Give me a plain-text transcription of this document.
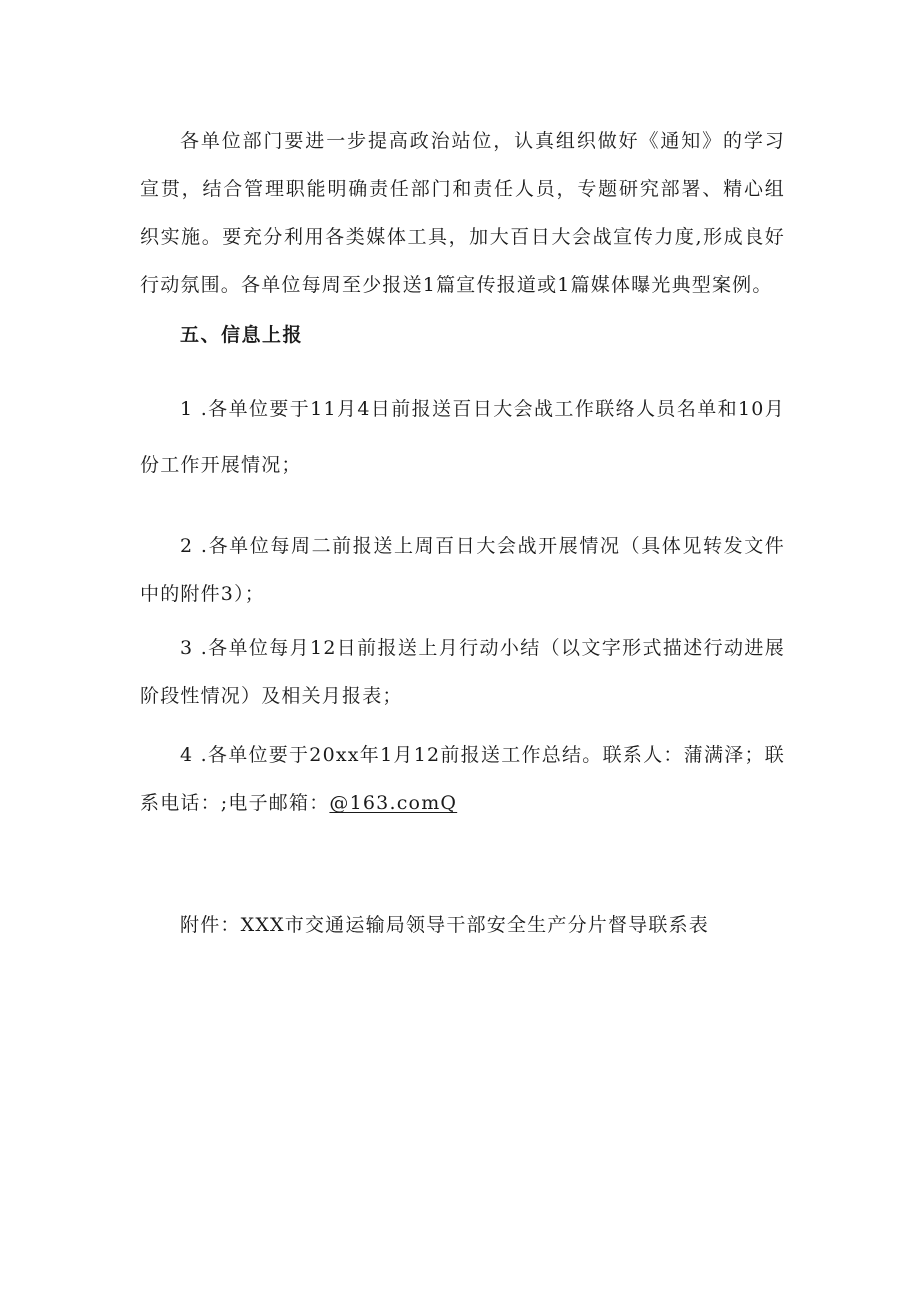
各单位部门要进一步提高政治站位，认真组织做好《通知》的学习宣贯，结合管理职能明确责任部门和责任人员，专题研究部署、精心组织实施。要充分利用各类媒体工具，加大百日大会战宣传力度,形成良好行动氛围。各单位每周至少报送1篇宣传报道或1篇媒体曝光典型案例。

五、信息上报

1 .各单位要于11月4日前报送百日大会战工作联络人员名单和10月份工作开展情况；

2 .各单位每周二前报送上周百日大会战开展情况（具体见转发文件中的附件3）；

3 .各单位每月12日前报送上月行动小结（以文字形式描述行动进展阶段性情况）及相关月报表；

4 .各单位要于20xx年1月12前报送工作总结。联系人：蒲满泽；联系电话：;电子邮箱：@163.comQ

附件：XXX市交通运输局领导干部安全生产分片督导联系表
